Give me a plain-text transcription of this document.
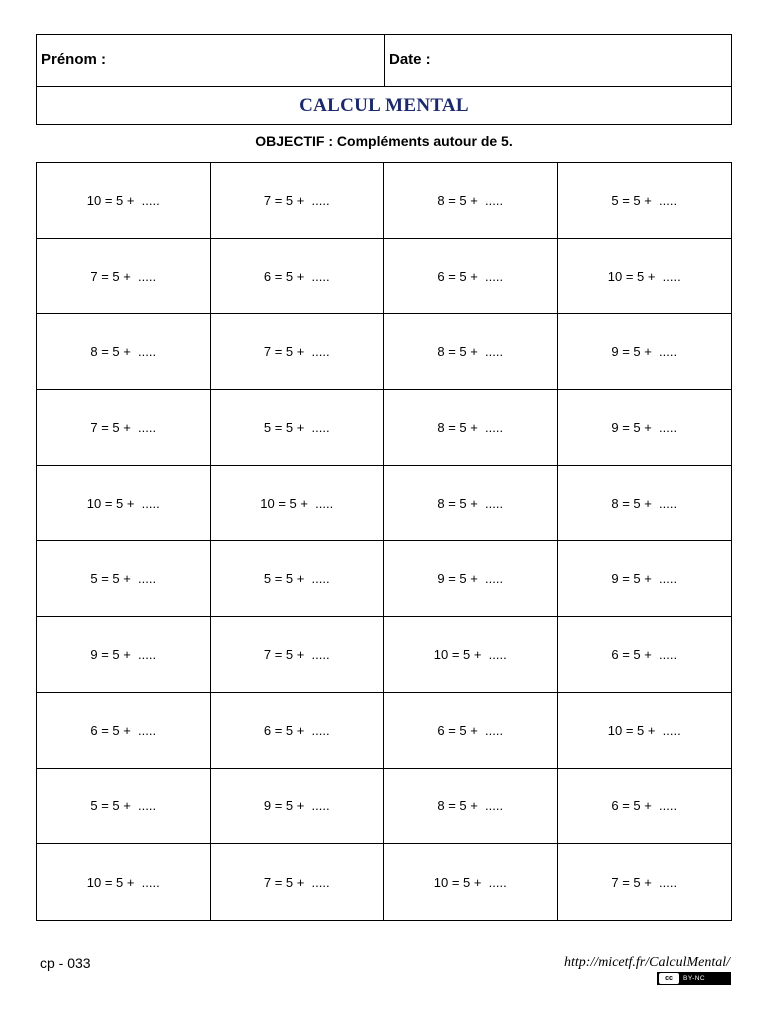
Prénom :	Date :
CALCUL MENTAL
OBJECTIF : Compléments autour de 5.
10 = 5 +  .....	7 = 5 +  .....	8 = 5 +  .....	5 = 5 +  .....
7 = 5 +  .....	6 = 5 +  .....	6 = 5 +  .....	10 = 5 +  .....
8 = 5 +  .....	7 = 5 +  .....	8 = 5 +  .....	9 = 5 +  .....
7 = 5 +  .....	5 = 5 +  .....	8 = 5 +  .....	9 = 5 +  .....
10 = 5 +  .....	10 = 5 +  .....	8 = 5 +  .....	8 = 5 +  .....
5 = 5 +  .....	5 = 5 +  .....	9 = 5 +  .....	9 = 5 +  .....
9 = 5 +  .....	7 = 5 +  .....	10 = 5 +  .....	6 = 5 +  .....
6 = 5 +  .....	6 = 5 +  .....	6 = 5 +  .....	10 = 5 +  .....
5 = 5 +  .....	9 = 5 +  .....	8 = 5 +  .....	6 = 5 +  .....
10 = 5 +  .....	7 = 5 +  .....	10 = 5 +  .....	7 = 5 +  .....
cp - 033	http://micetf.fr/CalculMental/
cc	BY-NC
